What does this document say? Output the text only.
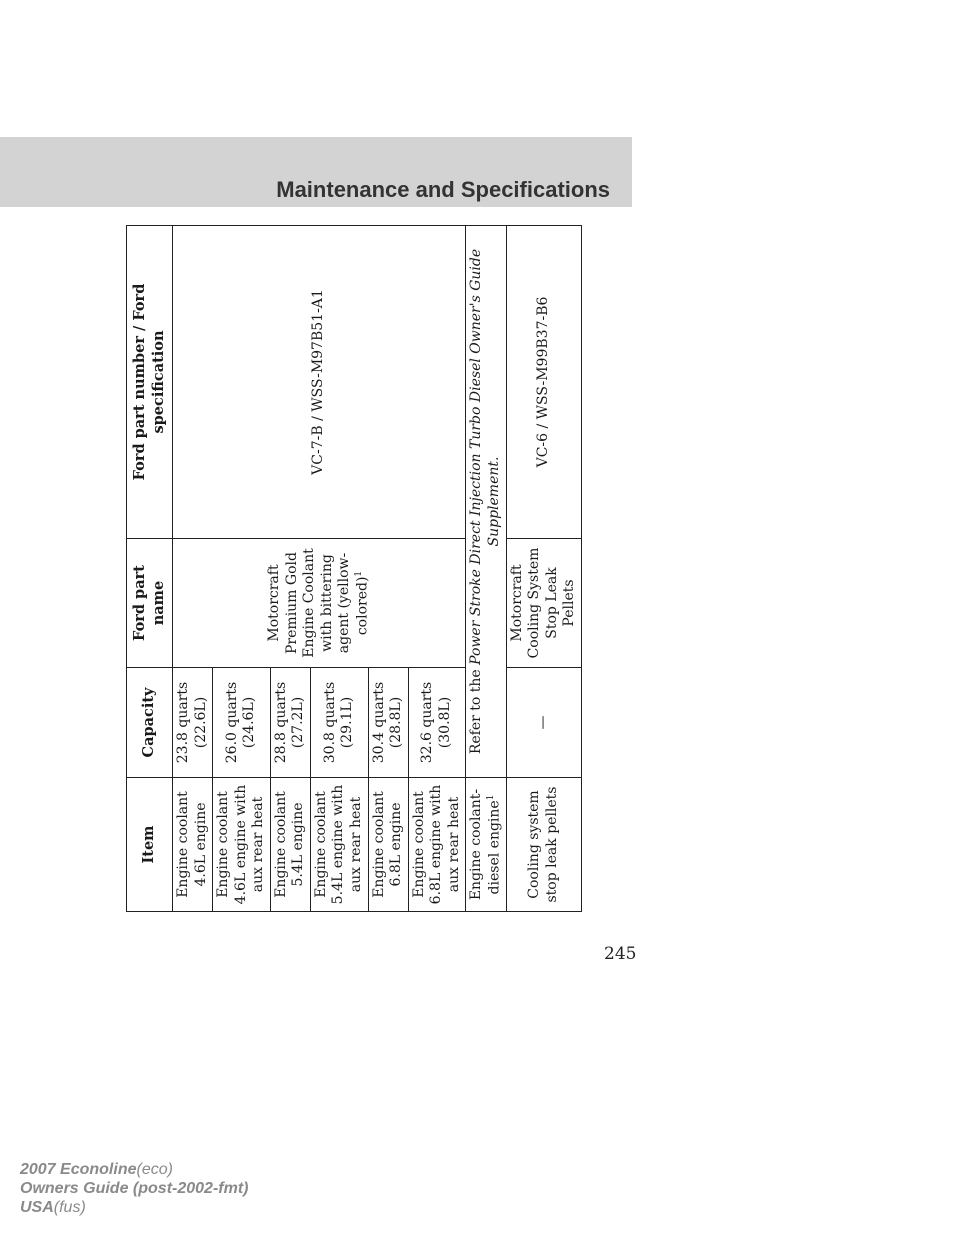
Maintenance and Specifications
Item	Capacity	Ford part name	Ford part number / Ford specification
Engine coolant 4.6L engine	23.8 quarts (22.6L)	Motorcraft Premium Gold Engine Coolant with bittering agent (yellow-colored)$^1$	VC-7-B / WSS-M97B51-A1
Engine coolant 4.6L engine with aux rear heat	26.0 quarts (24.6L)		
Engine coolant 5.4L engine	28.8 quarts (27.2L)		
Engine coolant 5.4L engine with aux rear heat	30.8 quarts (29.1L)		
Engine coolant 6.8L engine	30.4 quarts (28.8L)		
Engine coolant 6.8L engine with aux rear heat	32.6 quarts (30.8L)		
Engine coolant-diesel engine$^1$	Refer to the Power Stroke Direct Injection Turbo Diesel Owner's Guide Supplement.		
Cooling system stop leak pellets	—	Motorcraft Cooling System Stop Leak Pellets	VC-6 / WSS-M99B37-B6
245
2007 Econoline(eco)
Owners Guide (post-2002-fmt)
USA(fus)
